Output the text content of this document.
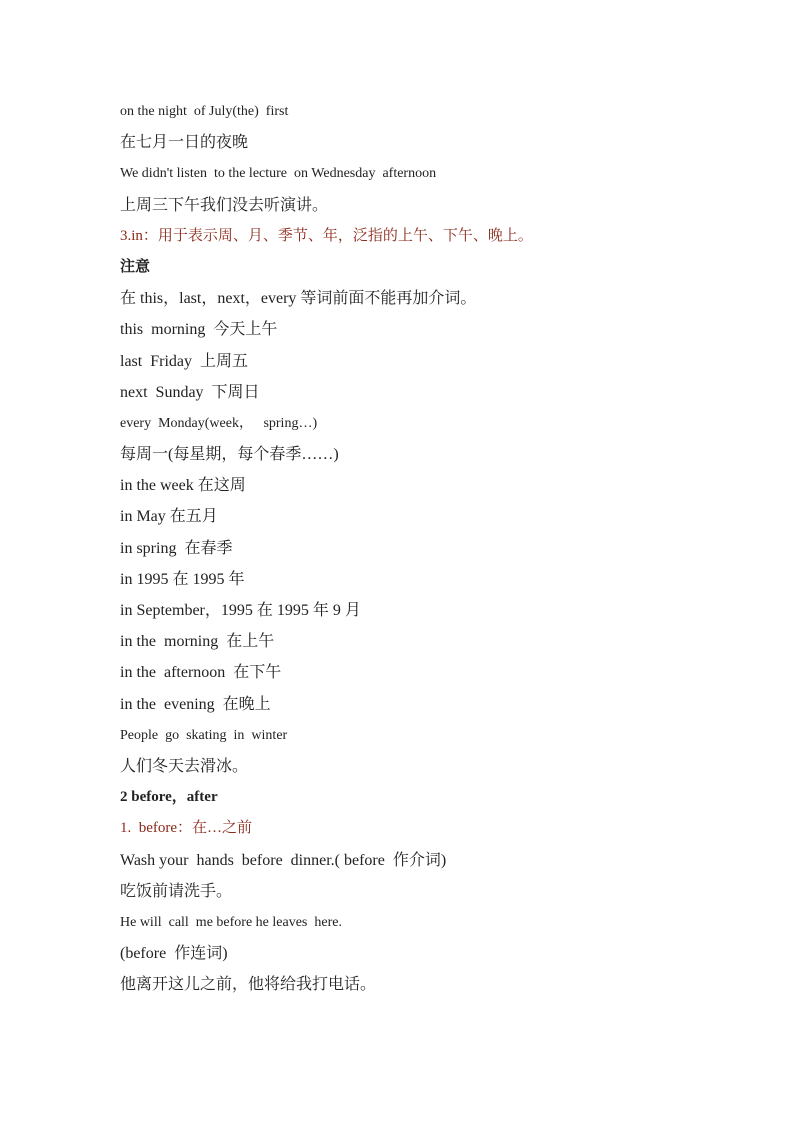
on the night  of July(the)  first
在七月一日的夜晚
We didn't listen  to the lecture  on Wednesday  afternoon
上周三下午我们没去听演讲。
3.in：用于表示周、月、季节、年，泛指的上午、下午、晚上。
注意
在 this，last，next，every 等词前面不能再加介词。
this  morning  今天上午
last  Friday  上周五
next  Sunday  下周日
every  Monday(week，   spring…)
每周一(每星期，每个春季……)
in the week 在这周
in May 在五月
in spring  在春季
in 1995 在 1995 年
in September，1995 在 1995 年 9 月
in the  morning  在上午
in the  afternoon  在下午
in the  evening  在晚上
People  go  skating  in  winter
人们冬天去滑冰。
2 before，after
1.  before：在…之前
Wash your  hands  before  dinner.( before  作介词)
吃饭前请洗手。
He will  call  me before he leaves  here.
(before  作连词)
他离开这儿之前，他将给我打电话。
